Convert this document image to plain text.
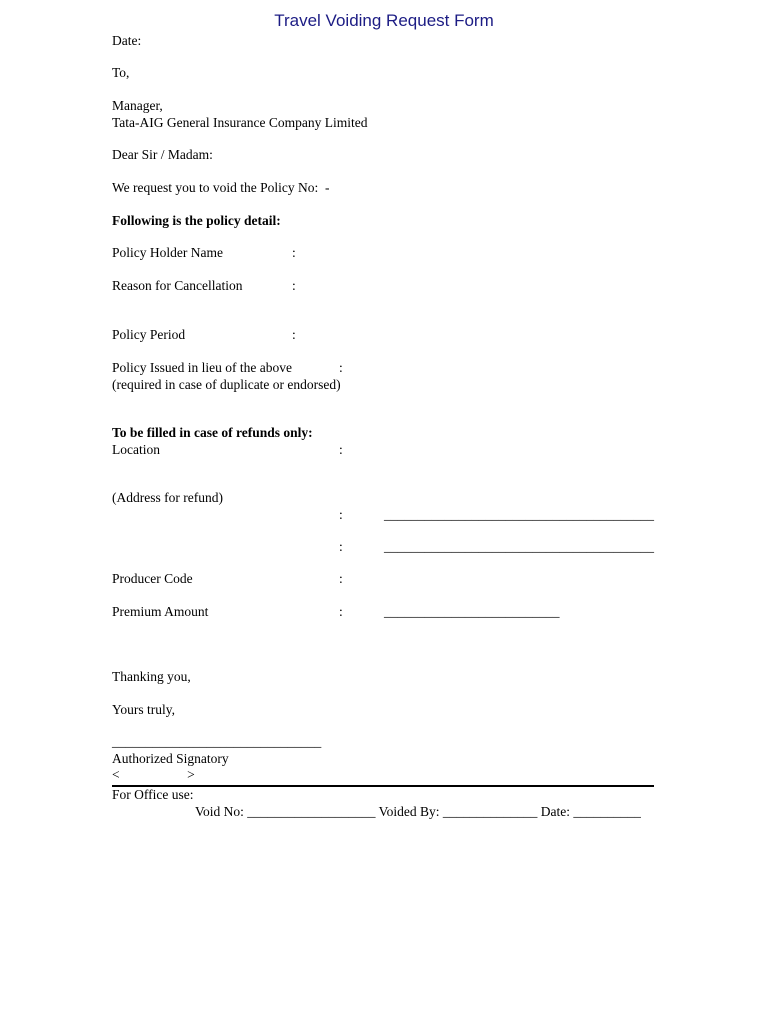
Travel Voiding Request Form
Date:
To,
Manager,
Tata-AIG General Insurance Company Limited
Dear Sir / Madam:
We request you to void the Policy No:  -
Following is the policy detail:
Policy Holder Name	:
Reason for Cancellation	:
Policy Period	:
Policy Issued in lieu of the above	:
(required in case of duplicate or endorsed)
To be filled in case of refunds only:
Location	:
(Address for refund)
:	________________________________________
:	________________________________________
Producer Code	:
Premium Amount	:	__________________________
Thanking you,
Yours truly,
_______________________________
Authorized Signatory
<                    >
For Office use:
Void No: ___________________ Voided By: ______________ Date: __________
